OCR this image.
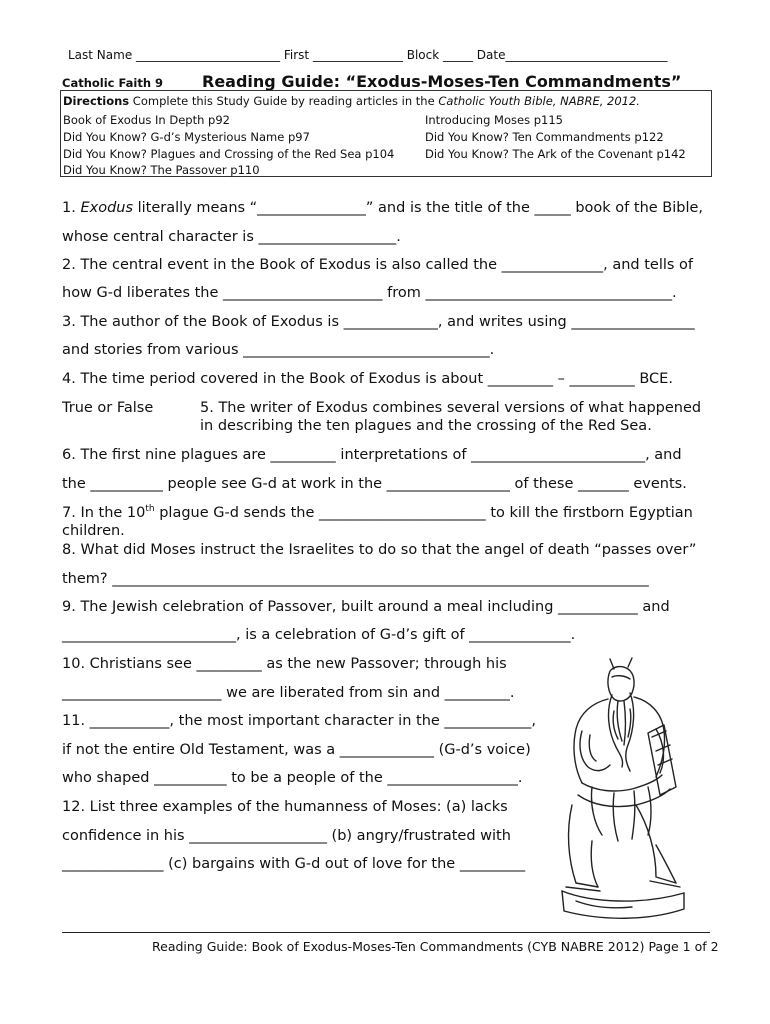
Last Name ________________________ First _______________ Block _____ Date___________________________
Catholic Faith 9 Reading Guide: “Exodus-Moses-Ten Commandments”
Directions Complete this Study Guide by reading articles in the Catholic Youth Bible, NABRE, 2012.
Book of Exodus In Depth p92
Did You Know? G-d’s Mysterious Name p97
Did You Know? Plagues and Crossing of the Red Sea p104
Did You Know? The Passover p110
Introducing Moses p115
Did You Know? Ten Commandments p122
Did You Know? The Ark of the Covenant p142
1. Exodus literally means “_______________” and is the title of the _____ book of the Bible,
whose central character is ___________________.
2. The central event in the Book of Exodus is also called the ______________, and tells of
how G-d liberates the ______________________ from __________________________________.
3. The author of the Book of Exodus is _____________, and writes using _________________
and stories from various __________________________________.
4. The time period covered in the Book of Exodus is about _________ – _________ BCE.
True or False	5. The writer of Exodus combines several versions of what happened
in describing the ten plagues and the crossing of the Red Sea.
6. The first nine plagues are _________ interpretations of ________________________, and
the __________ people see G-d at work in the _________________ of these _______ events.
7. In the 10th plague G-d sends the _______________________ to kill the firstborn Egyptian
children.
8. What did Moses instruct the Israelites to do so that the angel of death “passes over”
them? __________________________________________________________________________
9. The Jewish celebration of Passover, built around a meal including ___________ and
________________________, is a celebration of G-d’s gift of ______________.
10. Christians see _________ as the new Passover; through his
______________________ we are liberated from sin and _________.
11. ___________, the most important character in the ____________,
if not the entire Old Testament, was a _____________ (G-d’s voice)
who shaped __________ to be a people of the __________________.
12. List three examples of the humanness of Moses: (a) lacks
confidence in his ___________________ (b) angry/frustrated with
______________ (c) bargains with G-d out of love for the _________
Reading Guide: Book of Exodus-Moses-Ten Commandments (CYB NABRE 2012) Page 1 of 2
